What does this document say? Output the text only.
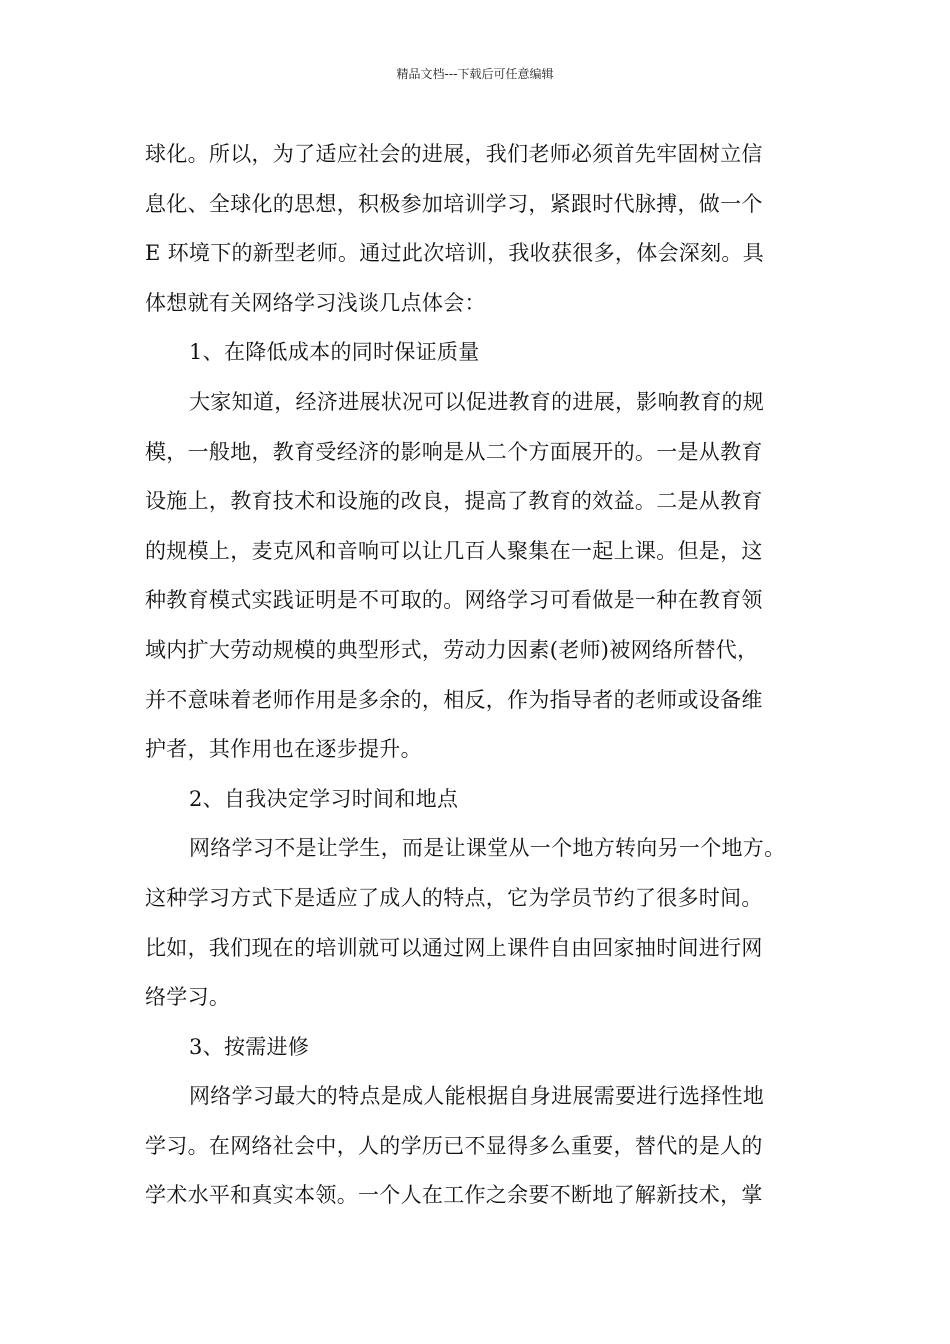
精品文档---下载后可任意编辑
球化。所以，为了适应社会的进展，我们老师必须首先牢固树立信
息化、全球化的思想，积极参加培训学习，紧跟时代脉搏，做一个
E 环境下的新型老师。通过此次培训，我收获很多，体会深刻。具
体想就有关网络学习浅谈几点体会：
1、在降低成本的同时保证质量
大家知道，经济进展状况可以促进教育的进展，影响教育的规
模，一般地，教育受经济的影响是从二个方面展开的。一是从教育
设施上，教育技术和设施的改良，提高了教育的效益。二是从教育
的规模上，麦克风和音响可以让几百人聚集在一起上课。但是，这
种教育模式实践证明是不可取的。网络学习可看做是一种在教育领
域内扩大劳动规模的典型形式，劳动力因素(老师)被网络所替代，
并不意味着老师作用是多余的，相反，作为指导者的老师或设备维
护者，其作用也在逐步提升。
2、自我决定学习时间和地点
网络学习不是让学生，而是让课堂从一个地方转向另一个地方。
这种学习方式下是适应了成人的特点，它为学员节约了很多时间。
比如，我们现在的培训就可以通过网上课件自由回家抽时间进行网
络学习。
3、按需进修
网络学习最大的特点是成人能根据自身进展需要进行选择性地
学习。在网络社会中，人的学历已不显得多么重要，替代的是人的
学术水平和真实本领。一个人在工作之余要不断地了解新技术，掌
